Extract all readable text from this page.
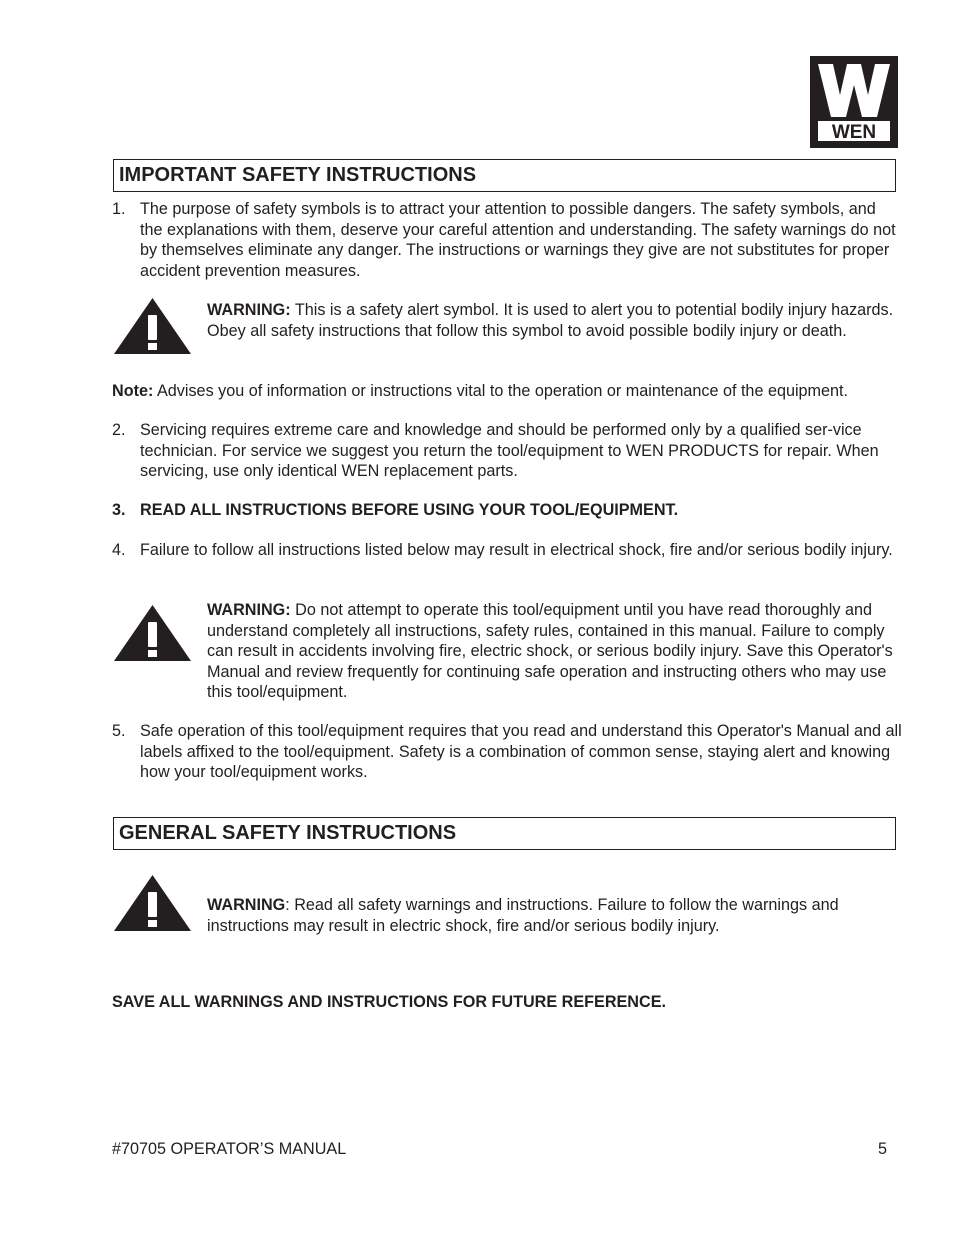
WEN
IMPORTANT SAFETY INSTRUCTIONS
1. The purpose of safety symbols is to attract your attention to possible dangers. The safety symbols, and the explanations with them, deserve your careful attention and understanding. The safety warnings do not by themselves eliminate any danger. The instructions or warnings they give are not substitutes for proper accident prevention measures.
WARNING: This is a safety alert symbol. It is used to alert you to potential bodily injury hazards. Obey all safety instructions that follow this symbol to avoid possible bodily injury or death.
Note: Advises you of information or instructions vital to the operation or maintenance of the equipment.
2. Servicing requires extreme care and knowledge and should be performed only by a qualified ser-vice technician. For service we suggest you return the tool/equipment to WEN PRODUCTS for repair. When servicing, use only identical WEN replacement parts.
3. READ ALL INSTRUCTIONS BEFORE USING YOUR TOOL/EQUIPMENT.
4. Failure to follow all instructions listed below may result in electrical shock, fire and/or serious bodily injury.
WARNING: Do not attempt to operate this tool/equipment until you have read thoroughly and understand completely all instructions, safety rules, contained in this manual. Failure to comply can result in accidents involving fire, electric shock, or serious bodily injury. Save this Operator's Manual and review frequently for continuing safe operation and instructing others who may use this tool/equipment.
5. Safe operation of this tool/equipment requires that you read and understand this Operator's Manual and all labels affixed to the tool/equipment. Safety is a combination of common sense, staying alert and knowing how your tool/equipment works.
GENERAL SAFETY INSTRUCTIONS
WARNING: Read all safety warnings and instructions. Failure to follow the warnings and instructions may result in electric shock, fire and/or serious bodily injury.
SAVE ALL WARNINGS AND INSTRUCTIONS FOR FUTURE REFERENCE.
#70705 OPERATOR’S MANUAL	5
